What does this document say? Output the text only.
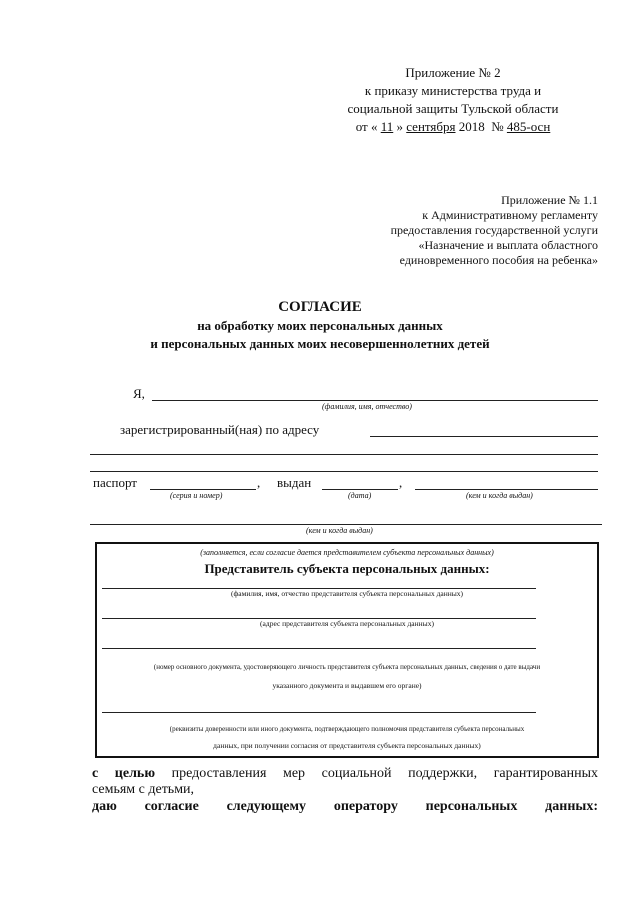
Приложение № 2
к приказу министерства труда и
социальной защиты Тульской области
от « 11 » сентября 2018 № 485-осн
Приложение № 1.1
к Административному регламенту
предоставления государственной услуги
«Назначение и выплата областного
единовременного пособия на ребенка»
СОГЛАСИЕ
на обработку моих персональных данных
и персональных данных моих несовершеннолетних детей
Я,
(фамилия, имя, отчество)
зарегистрированный(ная) по адресу
паспорт
(серия и номер)
, выдан
(дата)
,
(кем и когда выдан)
(кем и когда выдан)
(заполняется, если согласие дается представителем субъекта персональных данных)
Представитель субъекта персональных данных:
(фамилия, имя, отчество представителя субъекта персональных данных)
(адрес представителя субъекта персональных данных)
(номер основного документа, удостоверяющего личность представителя субъекта персональных данных, сведения о дате выдачи
указанного документа и выдавшем его органе)
(реквизиты доверенности или иного документа, подтверждающего полномочия представителя субъекта персональных
данных, при получении согласия от представителя субъекта персональных данных)
с целью предоставления мер социальной поддержки, гарантированных
семьям с детьми,
даю согласие следующему оператору персональных данных:
